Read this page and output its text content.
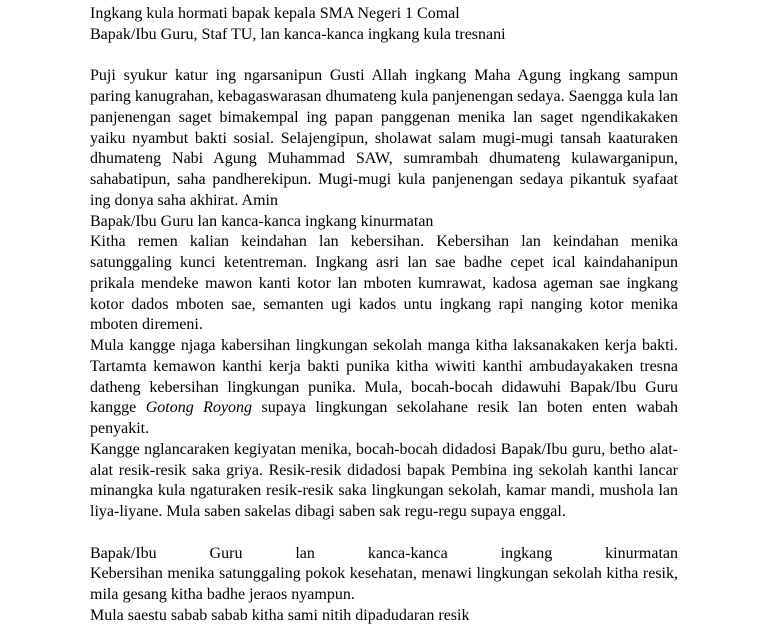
Ingkang kula hormati bapak kepala SMA Negeri 1 Comal

Bapak/Ibu Guru, Staf TU, lan kanca-kanca ingkang kula tresnani

Puji syukur katur ing ngarsanipun Gusti Allah ingkang Maha Agung ingkang sampun paring kanugrahan, kebagaswarasan dhumateng kula panjenengan sedaya. Saengga kula lan panjenengan saget bimakempal ing papan panggenan menika lan saget ngendikakaken yaiku nyambut bakti sosial. Selajengipun, sholawat salam mugi-mugi tansah kaaturaken dhumateng Nabi Agung Muhammad SAW, sumrambah dhumateng kulawarganipun, sahabatipun, saha pandherekipun. Mugi-mugi kula panjenengan sedaya pikantuk syafaat ing donya saha akhirat. Amin

Bapak/Ibu Guru lan kanca-kanca ingkang kinurmatan

Kitha remen kalian keindahan lan kebersihan. Kebersihan lan keindahan menika satunggaling kunci ketentreman. Ingkang asri lan sae badhe cepet ical kaindahanipun prikala mendeke mawon kanti kotor lan mboten kumrawat, kadosa ageman sae ingkang kotor dados mboten sae, semanten ugi kados untu ingkang rapi nanging kotor menika mboten diremeni.

Mula kangge njaga kabersihan lingkungan sekolah manga kitha laksanakaken kerja bakti. Tartamta kemawon kanthi kerja bakti punika kitha wiwiti kanthi ambudayakaken tresna datheng kebersihan lingkungan punika. Mula, bocah-bocah didawuhi Bapak/Ibu Guru kangge Gotong Royong supaya lingkungan sekolahane resik lan boten enten wabah penyakit.

Kangge nglancaraken kegiyatan menika, bocah-bocah didadosi Bapak/Ibu guru, betho alat-alat resik-resik saka griya. Resik-resik didadosi bapak Pembina ing sekolah kanthi lancar minangka kula ngaturaken resik-resik saka lingkungan sekolah, kamar mandi, mushola lan liya-liyane. Mula saben sakelas dibagi saben sak regu-regu supaya enggal.

Bapak/Ibu Guru lan kanca-kanca ingkang kinurmatan

Kebersihan menika satunggaling pokok kesehatan, menawi lingkungan sekolah kitha resik, mila gesang kitha badhe jeraos nyampun.

Mula saestu sabab sabab kitha sami nitih dipadudaran resik
